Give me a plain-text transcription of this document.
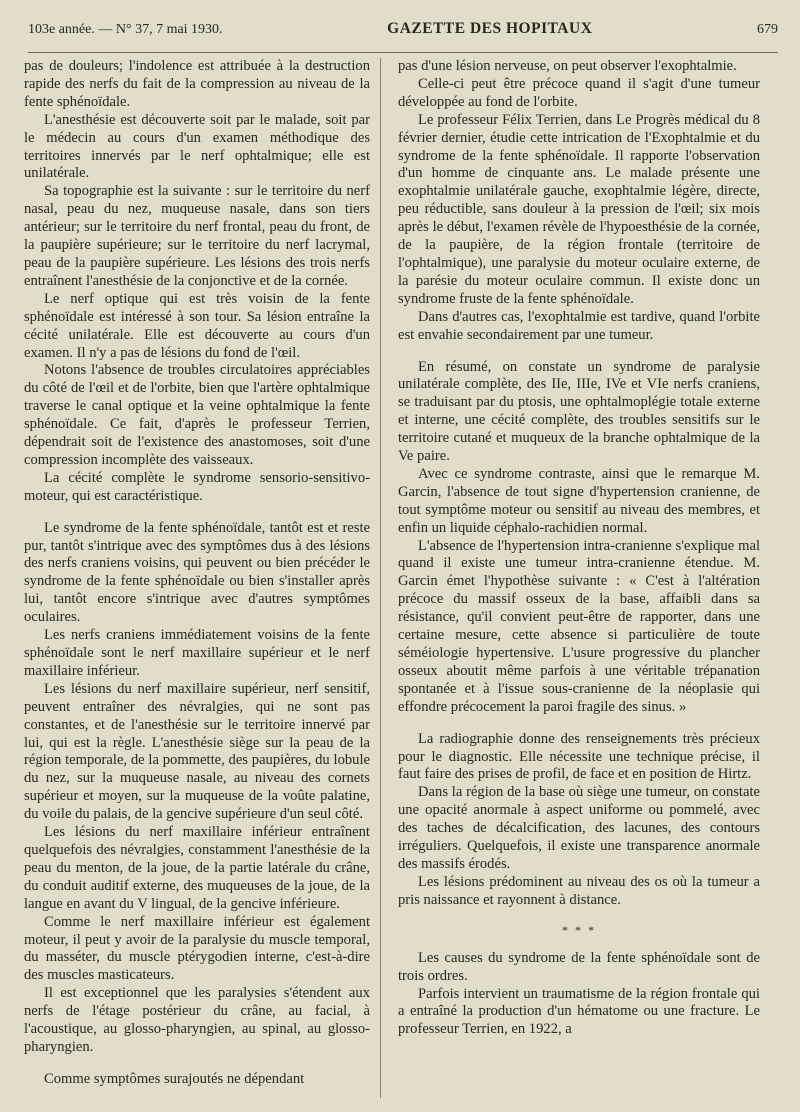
103e année. — N° 37, 7 mai 1930.	GAZETTE DES HOPITAUX	679

pas de douleurs; l'indolence est attribuée à la destruction rapide des nerfs du fait de la compression au niveau de la fente sphénoïdale.

L'anesthésie est découverte soit par le malade, soit par le médecin au cours d'un examen méthodique des territoires innervés par le nerf ophtalmique; elle est unilatérale.

Sa topographie est la suivante : sur le territoire du nerf nasal, peau du nez, muqueuse nasale, dans son tiers antérieur; sur le territoire du nerf frontal, peau du front, de la paupière supérieure; sur le territoire du nerf lacrymal, peau de la paupière supérieure. Les lésions des trois nerfs entraînent l'anesthésie de la conjonctive et de la cornée.

Le nerf optique qui est très voisin de la fente sphénoïdale est intéressé à son tour. Sa lésion entraîne la cécité unilatérale. Elle est découverte au cours d'un examen. Il n'y a pas de lésions du fond de l'œil.

Notons l'absence de troubles circulatoires appréciables du côté de l'œil et de l'orbite, bien que l'artère ophtalmique traverse le canal optique et la veine ophtalmique la fente sphénoïdale. Ce fait, d'après le professeur Terrien, dépendrait soit de l'existence des anastomoses, soit d'une compression incomplète des vaisseaux.

La cécité complète le syndrome sensorio-sensitivo-moteur, qui est caractéristique.

Le syndrome de la fente sphénoïdale, tantôt est et reste pur, tantôt s'intrique avec des symptômes dus à des lésions des nerfs craniens voisins, qui peuvent ou bien précéder le syndrome de la fente sphénoïdale ou bien s'installer après lui, tantôt encore s'intrique avec d'autres symptômes oculaires.

Les nerfs craniens immédiatement voisins de la fente sphénoïdale sont le nerf maxillaire supérieur et le nerf maxillaire inférieur.

Les lésions du nerf maxillaire supérieur, nerf sensitif, peuvent entraîner des névralgies, qui ne sont pas constantes, et de l'anesthésie sur le territoire innervé par lui, qui est la règle. L'anesthésie siège sur la peau de la région temporale, de la pommette, des paupières, du lobule du nez, sur la muqueuse nasale, au niveau des cornets supérieur et moyen, sur la muqueuse de la voûte palatine, du voile du palais, de la gencive supérieure d'un seul côté.

Les lésions du nerf maxillaire inférieur entraînent quelquefois des névralgies, constamment l'anesthésie de la peau du menton, de la joue, de la partie latérale du crâne, du conduit auditif externe, des muqueuses de la joue, de la langue en avant du V lingual, de la gencive inférieure.

Comme le nerf maxillaire inférieur est également moteur, il peut y avoir de la paralysie du muscle temporal, du masséter, du muscle ptérygodien interne, c'est-à-dire des muscles masticateurs.

Il est exceptionnel que les paralysies s'étendent aux nerfs de l'étage postérieur du crâne, au facial, à l'acoustique, au glosso-pharyngien, au spinal, au glosso-pharyngien.

Comme symptômes surajoutés ne dépendant

pas d'une lésion nerveuse, on peut observer l'exophtalmie.

Celle-ci peut être précoce quand il s'agit d'une tumeur développée au fond de l'orbite.

Le professeur Félix Terrien, dans Le Progrès médical du 8 février dernier, étudie cette intrication de l'Exophtalmie et du syndrome de la fente sphénoïdale. Il rapporte l'observation d'un homme de cinquante ans. Le malade présente une exophtalmie unilatérale gauche, exophtalmie légère, directe, peu réductible, sans douleur à la pression de l'œil; six mois après le début, l'examen révèle de l'hypoesthésie de la cornée, de la paupière, de la région frontale (territoire de l'ophtalmique), une paralysie du moteur oculaire externe, de la parésie du moteur oculaire commun. Il existe donc un syndrome fruste de la fente sphénoïdale.

Dans d'autres cas, l'exophtalmie est tardive, quand l'orbite est envahie secondairement par une tumeur.

En résumé, on constate un syndrome de paralysie unilatérale complète, des IIe, IIIe, IVe et VIe nerfs craniens, se traduisant par du ptosis, une ophtalmoplégie totale externe et interne, une cécité complète, des troubles sensitifs sur le territoire cutané et muqueux de la branche ophtalmique de la Ve paire.

Avec ce syndrome contraste, ainsi que le remarque M. Garcin, l'absence de tout signe d'hypertension cranienne, de tout symptôme moteur ou sensitif au niveau des membres, et enfin un liquide céphalo-rachidien normal.

L'absence de l'hypertension intra-cranienne s'explique mal quand il existe une tumeur intra-cranienne étendue. M. Garcin émet l'hypothèse suivante : « C'est à l'altération précoce du massif osseux de la base, affaibli dans sa résistance, qu'il convient peut-être de rapporter, dans une certaine mesure, cette absence si particulière de toute séméiologie hypertensive. L'usure progressive du plancher osseux aboutit même parfois à une véritable trépanation spontanée et à l'issue sous-cranienne de la néoplasie qui effondre précocement la paroi fragile des sinus. »

La radiographie donne des renseignements très précieux pour le diagnostic. Elle nécessite une technique précise, il faut faire des prises de profil, de face et en position de Hirtz.

Dans la région de la base où siège une tumeur, on constate une opacité anormale à aspect uniforme ou pommelé, avec des taches de décalcification, des lacunes, des contours irréguliers. Quelquefois, il existe une transparence anormale des massifs érodés.

Les lésions prédominent au niveau des os où la tumeur a pris naissance et rayonnent à distance.

* * *

Les causes du syndrome de la fente sphénoïdale sont de trois ordres.

Parfois intervient un traumatisme de la région frontale qui a entraîné la production d'un hématome ou une fracture. Le professeur Terrien, en 1922, a
